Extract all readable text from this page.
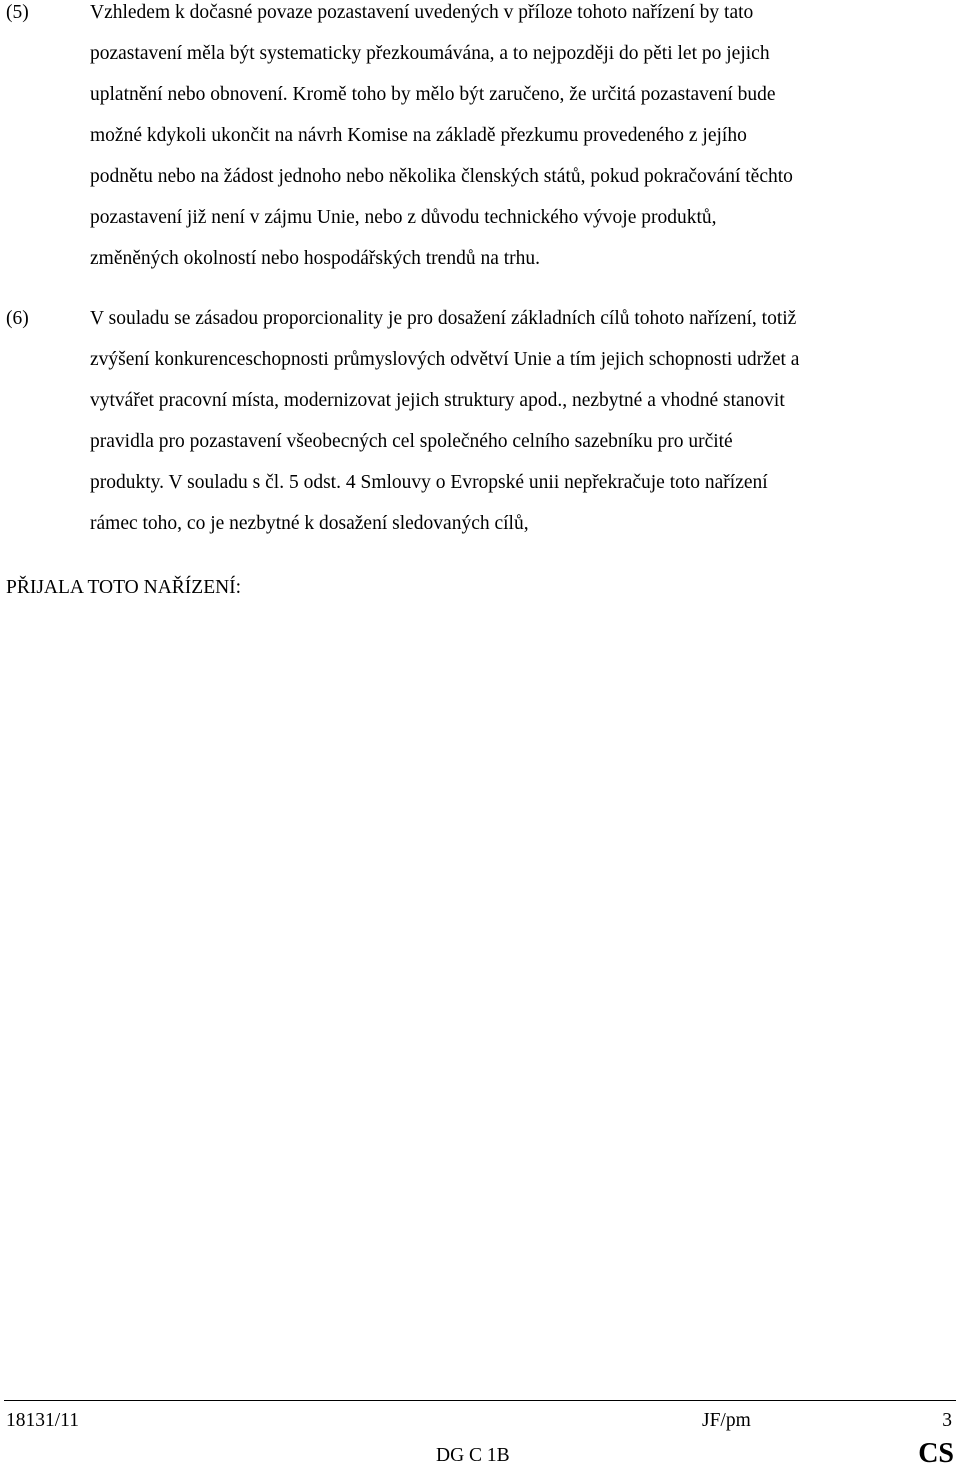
(5)	Vzhledem k dočasné povaze pozastavení uvedených v příloze tohoto nařízení by tato
pozastavení měla být systematicky přezkoumávána, a to nejpozději do pěti let po jejich
uplatnění nebo obnovení. Kromě toho by mělo být zaručeno, že určitá pozastavení bude
možné kdykoli ukončit na návrh Komise na základě přezkumu provedeného z jejího
podnětu nebo na žádost jednoho nebo několika členských států, pokud pokračování těchto
pozastavení již není v zájmu Unie, nebo z důvodu technického vývoje produktů,
změněných okolností nebo hospodářských trendů na trhu.
(6)	V souladu se zásadou proporcionality je pro dosažení základních cílů tohoto nařízení, totiž
zvýšení konkurenceschopnosti průmyslových odvětví Unie a tím jejich schopnosti udržet a
vytvářet pracovní místa, modernizovat jejich struktury apod., nezbytné a vhodné stanovit
pravidla pro pozastavení všeobecných cel společného celního sazebníku pro určité
produkty. V souladu s čl. 5 odst. 4 Smlouvy o Evropské unii nepřekračuje toto nařízení
rámec toho, co je nezbytné k dosažení sledovaných cílů,
PŘIJALA TOTO NAŘÍZENÍ:
18131/11	JF/pm	3
DG C 1B	CS
